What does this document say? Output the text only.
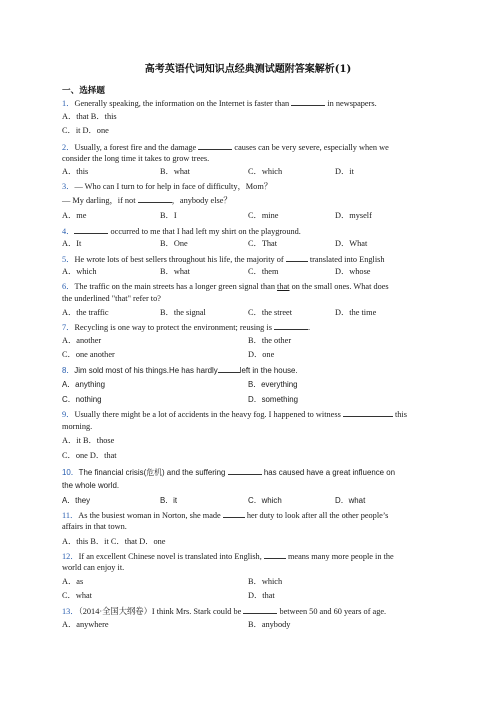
高考英语代词知识点经典测试题附答案解析(1)
一、选择题
1．Generally speaking, the information on the Internet is faster than	in newspapers.
A．that B．this
C．it D．one
2．Usually, a forest fire and the damage	causes can be very severe, especially when we
consider the long time it takes to grow trees.
A．this	B．what	C．which	D．it
3．— Who can I turn to for help in face of difficulty，Mom？
— My darling，if not	，anybody else？
A．me	B．I	C．mine	D．myself
4．	occurred to me that I had left my shirt on the playground.
A．It	B．One	C．That	D．What
5．He wrote lots of best sellers throughout his life, the majority of	translated into English
A．which	B．what	C．them	D．whose
6．The traffic on the main streets has a longer green signal than that on the small ones. What does
the underlined "that" refer to?
A．the traffic	B．the signal	C．the street	D．the time
7．Recycling is one way to protect the environment; reusing is	.
A．another	B．the other
C．one another	D．one
8．Jim sold most of his things.He has hardly	left in the house.
A．anything	B．everything
C．nothing	D．something
9．Usually there might be a lot of accidents in the heavy fog. I happened to witness	this
morning.
A．it B．those
C．one D．that
10．The financial crisis(危机) and the suffering	has caused have a great influence on
the whole world.
A．they	B．it	C．which	D．what
11．As the busiest woman in Norton, she made	her duty to look after all the other people’s
affairs in that town.
A．this B．it C．that D．one
12．If an excellent Chinese novel is translated into English,	means many more people in the
world can enjoy it.
A．as	B．which
C．what	D．that
13．（2014·全国大纲卷）I think Mrs. Stark could be	between 50 and 60 years of age.
A．anywhere	B．anybody
